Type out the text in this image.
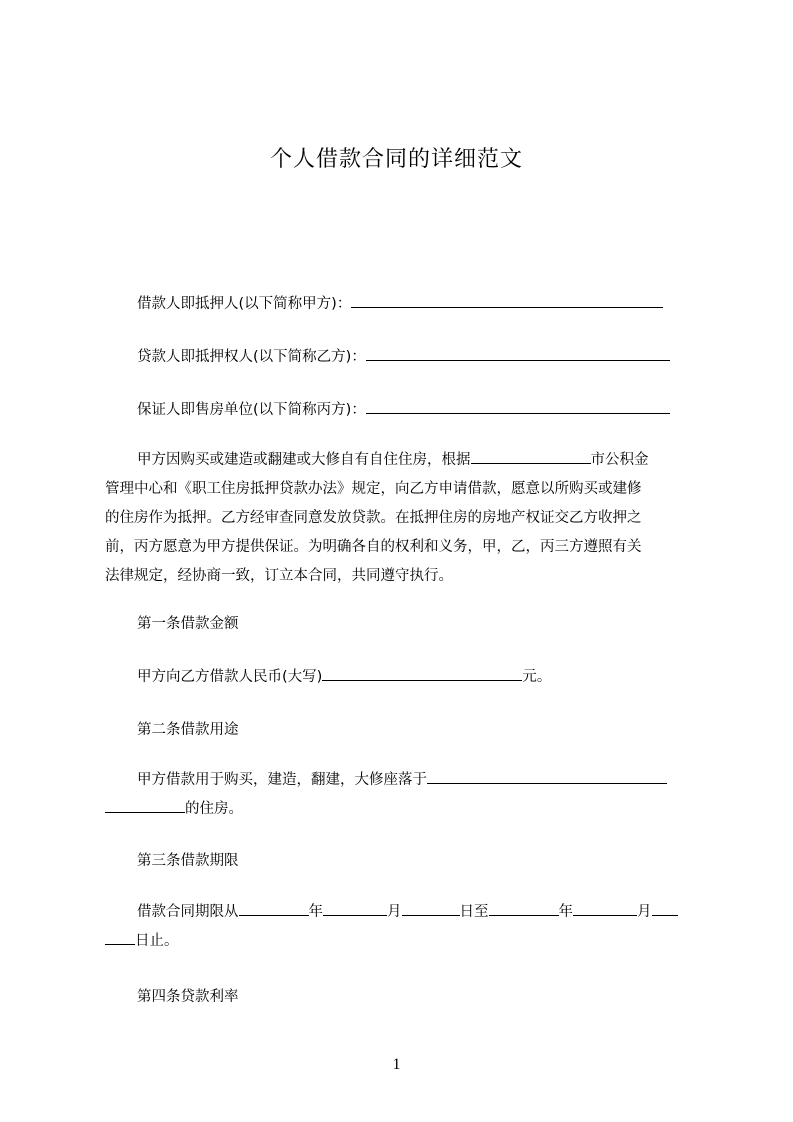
个人借款合同的详细范文
借款人即抵押人(以下简称甲方)：
贷款人即抵押权人(以下简称乙方)：
保证人即售房单位(以下简称丙方)：
甲方因购买或建造或翻建或大修自有自住住房，根据	市公积金
管理中心和《职工住房抵押贷款办法》规定，向乙方申请借款，愿意以所购买或建修
的住房作为抵押。乙方经审查同意发放贷款。在抵押住房的房地产权证交乙方收押之
前，丙方愿意为甲方提供保证。为明确各自的权利和义务，甲，乙，丙三方遵照有关
法律规定，经协商一致，订立本合同，共同遵守执行。
第一条借款金额
甲方向乙方借款人民币(大写)	元。
第二条借款用途
甲方借款用于购买，建造，翻建，大修座落于
的住房。
第三条借款期限
借款合同期限从	年	月	日至	年	月
日止。
第四条贷款利率
1
